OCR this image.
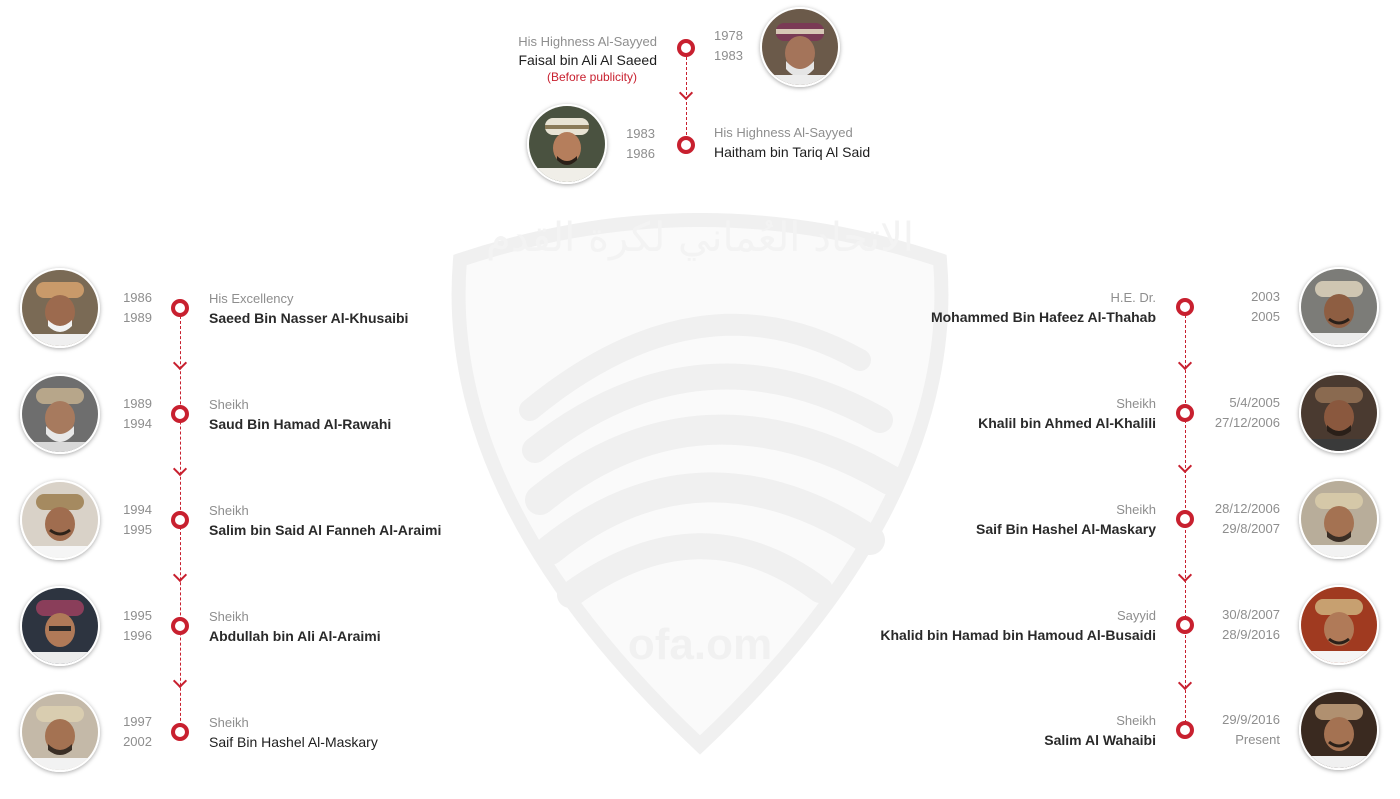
الاتحاد العُماني لكرة القدم
ofa.om
His Highness Al-Sayyed
Faisal bin Ali Al Saeed
(Before publicity)
1978
1983
1983
1986
His Highness Al-Sayyed
Haitham bin Tariq Al Said
1986
1989
His Excellency
Saeed Bin Nasser Al-Khusaibi
1989
1994
Sheikh
Saud Bin Hamad Al-Rawahi
1994
1995
Sheikh
Salim bin Said Al Fanneh Al-Araimi
1995
1996
Sheikh
Abdullah bin Ali Al-Araimi
1997
2002
Sheikh
Saif Bin Hashel Al-Maskary
H.E. Dr.
Mohammed Bin Hafeez Al-Thahab
2003
2005
Sheikh
Khalil bin Ahmed Al-Khalili
5/4/2005
27/12/2006
Sheikh
Saif Bin Hashel Al-Maskary
28/12/2006
29/8/2007
Sayyid
Khalid bin Hamad bin Hamoud Al-Busaidi
30/8/2007
28/9/2016
Sheikh
Salim Al Wahaibi
29/9/2016
Present
